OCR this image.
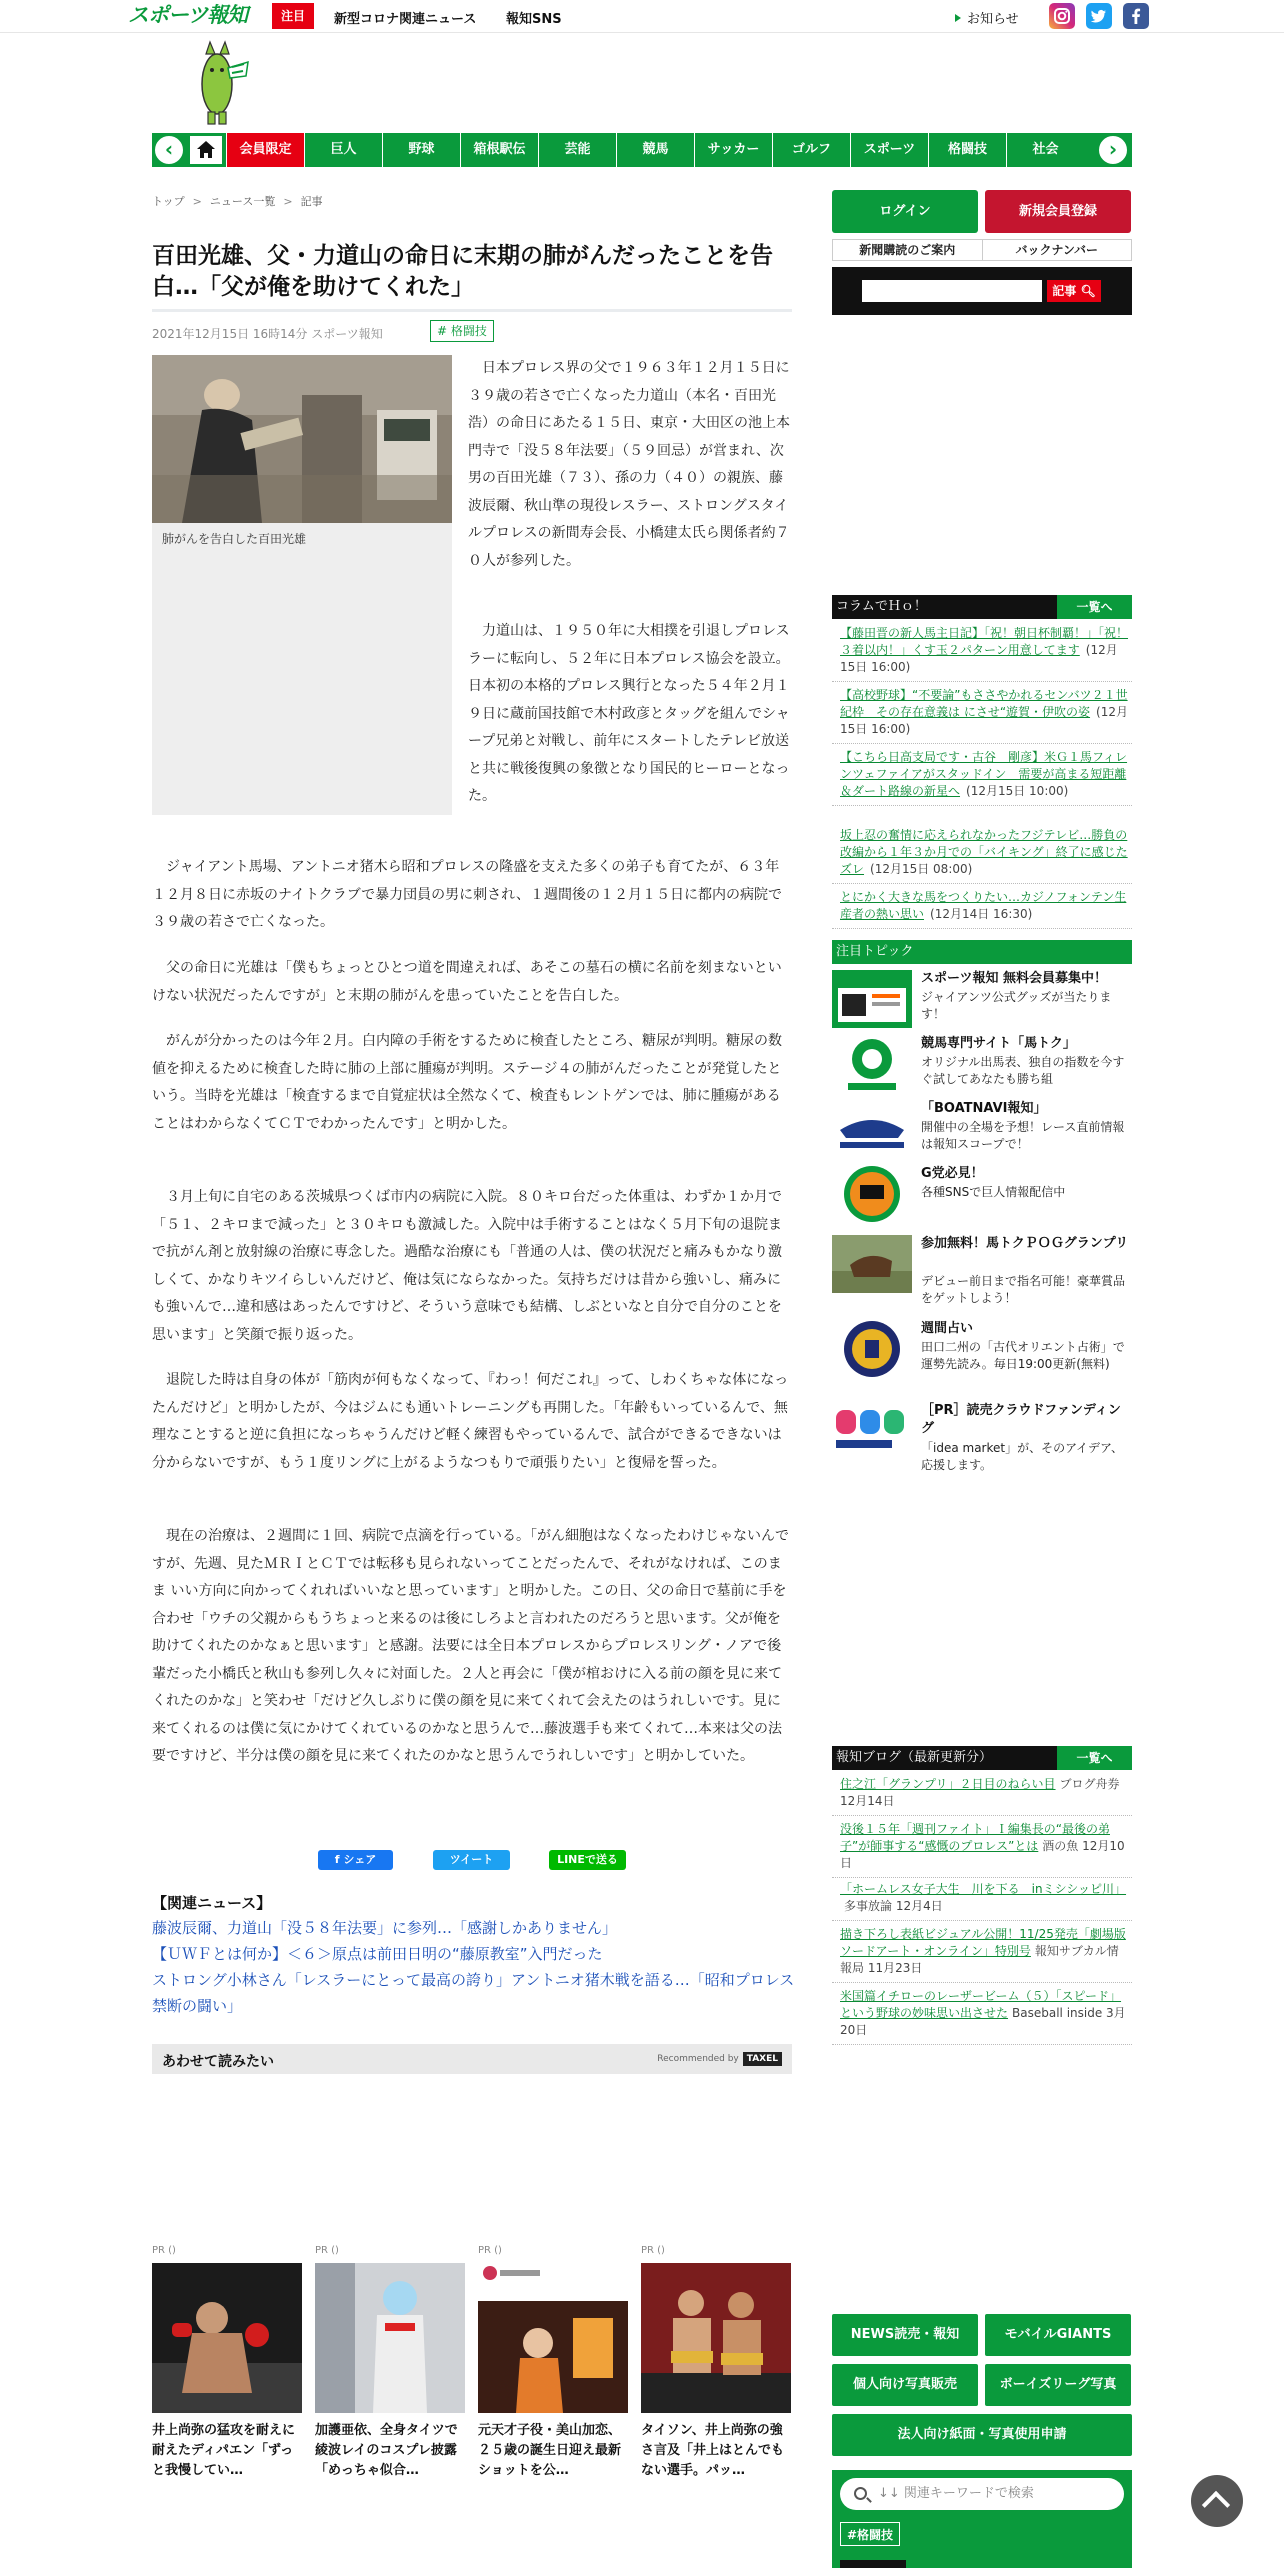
スポーツ報知	注目	新型コロナ関連ニュース 報知SNS	お知らせ
‹	会員限定	巨人	野球	箱根駅伝	芸能	競馬	サッカー	ゴルフ	スポーツ	格闘技	社会	›
トップ > ニュース一覧 > 記事
百田光雄、父・力道山の命日に末期の肺がんだったことを告白…「父が俺を助けてくれた」
2021年12月15日 16時14分 スポーツ報知	# 格闘技
肺がんを告白した百田光雄

　日本プロレス界の父で１９６３年１２月１５日に３９歳の若さで亡くなった力道山（本名・百田光浩）の命日にあたる１５日、東京・大田区の池上本門寺で「没５８年法要」（５９回忌）が営まれ、次男の百田光雄（７３）、孫の力（４０）の親族、藤波辰爾、秋山準の現役レスラー、ストロングスタイルプロレスの新間寿会長、小橋建太氏ら関係者約７０人が参列した。

　力道山は、１９５０年に大相撲を引退しプロレスラーに転向し、５２年に日本プロレス協会を設立。日本初の本格的プロレス興行となった５４年２月１９日に蔵前国技館で木村政彦とタッグを組んでシャープ兄弟と対戦し、前年にスタートしたテレビ放送と共に戦後復興の象徴となり国民的ヒーローとなった。

　ジャイアント馬場、アントニオ猪木ら昭和プロレスの隆盛を支えた多くの弟子も育てたが、６３年１２月８日に赤坂のナイトクラブで暴力団員の男に刺され、１週間後の１２月１５日に都内の病院で３９歳の若さで亡くなった。

　父の命日に光雄は「僕もちょっとひとつ道を間違えれば、あそこの墓石の横に名前を刻まないといけない状況だったんですが」と末期の肺がんを患っていたことを告白した。

　がんが分かったのは今年２月。白内障の手術をするために検査したところ、糖尿が判明。糖尿の数値を抑えるために検査した時に肺の上部に腫瘍が判明。ステージ４の肺がんだったことが発覚したという。当時を光雄は「検査するまで自覚症状は全然なくて、検査もレントゲンでは、肺に腫瘍があることはわからなくてＣＴでわかったんです」と明かした。

　３月上旬に自宅のある茨城県つくば市内の病院に入院。８０キロ台だった体重は、わずか１か月で「５１、２キロまで減った」と３０キロも激減した。入院中は手術することはなく５月下旬の退院まで抗がん剤と放射線の治療に専念した。過酷な治療にも「普通の人は、僕の状況だと痛みもかなり激しくて、かなりキツイらしいんだけど、俺は気にならなかった。気持ちだけは昔から強いし、痛みにも強いんで…違和感はあったんですけど、そういう意味でも結構、しぶといなと自分で自分のことを思います」と笑顔で振り返った。

　退院した時は自身の体が「筋肉が何もなくなって、『わっ！何だこれ』って、しわくちゃな体になったんだけど」と明かしたが、今はジムにも通いトレーニングも再開した。「年齢もいっているんで、無理なことすると逆に負担になっちゃうんだけど軽く練習もやっているんで、試合ができるできないは分からないですが、もう１度リングに上がるようなつもりで頑張りたい」と復帰を誓った。

　現在の治療は、２週間に１回、病院で点滴を行っている。「がん細胞はなくなったわけじゃないんですが、先週、見たＭＲＩとＣＴでは転移も見られないってことだったんで、それがなければ、このまま いい方向に向かってくれればいいなと思っています」と明かした。この日、父の命日で墓前に手を合わせ「ウチの父親からもうちょっと来るのは後にしろよと言われたのだろうと思います。父が俺を助けてくれたのかなぁと思います」と感謝。法要には全日本プロレスからプロレスリング・ノアで後輩だった小橋氏と秋山も参列し久々に対面した。２人と再会に「僕が棺おけに入る前の顔を見に来てくれたのかな」と笑わせ「だけど久しぶりに僕の顔を見に来てくれて会えたのはうれしいです。見に来てくれるのは僕に気にかけてくれているのかなと思うんで…藤波選手も来てくれて…本来は父の法要ですけど、半分は僕の顔を見に来てくれたのかなと思うんでうれしいです」と明かしていた。

f シェア	ツイート	LINEで送る
【関連ニュース】
藤波辰爾、力道山「没５８年法要」に参列…「感謝しかありません」
【ＵＷＦとは何か】＜６＞原点は前田日明の“藤原教室”入門だった
ストロング小林さん「レスラーにとって最高の誇り」アントニオ猪木戦を語る…「昭和プロレス禁断の闘い」
あわせて読みたい	Recommended by TAXEL
PR ()
井上尚弥の猛攻を耐えに耐えたディパエン「ずっと我慢してい…
PR ()
加護亜依、全身タイツで綾波レイのコスプレ披露「めっちゃ似合…
PR ()
元天才子役・美山加恋、２５歳の誕生日迎え最新ショットを公…
PR ()
タイソン、井上尚弥の強さ言及「井上はとんでもない選手。パッ…
ログイン	新規会員登録
新聞購読のご案内	バックナンバー
記事 🔍︎
コラムでＨｏ！	一覧へ
【藤田晋の新人馬主日記】「祝！朝日杯制覇！」「祝！３着以内！」くす玉２パターン用意してます (12月15日 16:00)
【高校野球】“不要論”もささやかれるセンバツ２１世紀枠　その存在意義は にさせ“遊賀・伊吹の姿 (12月15日 16:00)
【こちら日高支局です・古谷　剛彦】米Ｇ１馬フィレンツェファイアがスタッドイン　需要が高まる短距離＆ダート路線の新星へ (12月15日 10:00)
坂上忍の奮情に応えられなかったフジテレビ…勝負の改編から１年３か月での「バイキング」終了に感じたズレ (12月15日 08:00)
とにかく大きな馬をつくりたい…カジノフォンテン生産者の熱い思い (12月14日 16:30)
注目トピック
スポーツ報知 無料会員募集中！
ジャイアンツ公式グッズが当たります！
競馬専門サイト「馬トク」
オリジナル出馬表、独自の指数を今すぐ試してあなたも勝ち組
「BOATNAVI報知」
開催中の全場を予想！レース直前情報は報知スコープで！
G党必見！
各種SNSで巨人情報配信中
参加無料！馬トクＰＯＧグランプリ
デビュー前日まで指名可能！豪華賞品をゲットしよう！
週間占い
田口二州の「古代オリエント占術」で運勢先読み。毎日19:00更新(無料)
［PR］読売クラウドファンディング
「idea market」が、そのアイデア、応援します。
報知ブログ（最新更新分）	一覧へ
住之江「グランプリ」２日目のねらい目 ブログ舟券 12月14日
没後１５年「週刊ファイト」Ｉ編集長の“最後の弟子”が師事する“感慨のプロレス”とは 酒の魚 12月10日
「ホームレス女子大生　川を下る　inミシシッピ川」多事放論 12月4日
描き下ろし表紙ビジュアル公開！11/25発売「劇場版ソードアート・オンライン」特別号 報知サブカル情報局 11月23日
米国篇イチローのレーザービーム（５）「スピード」という野球の妙味思い出させた Baseball inside 3月20日
NEWS読売・報知	モバイルGIANTS
個人向け写真販売	ボーイズリーグ写真
法人向け紙面・写真使用申請
↓↓ 関連キーワードで検索
#格闘技
